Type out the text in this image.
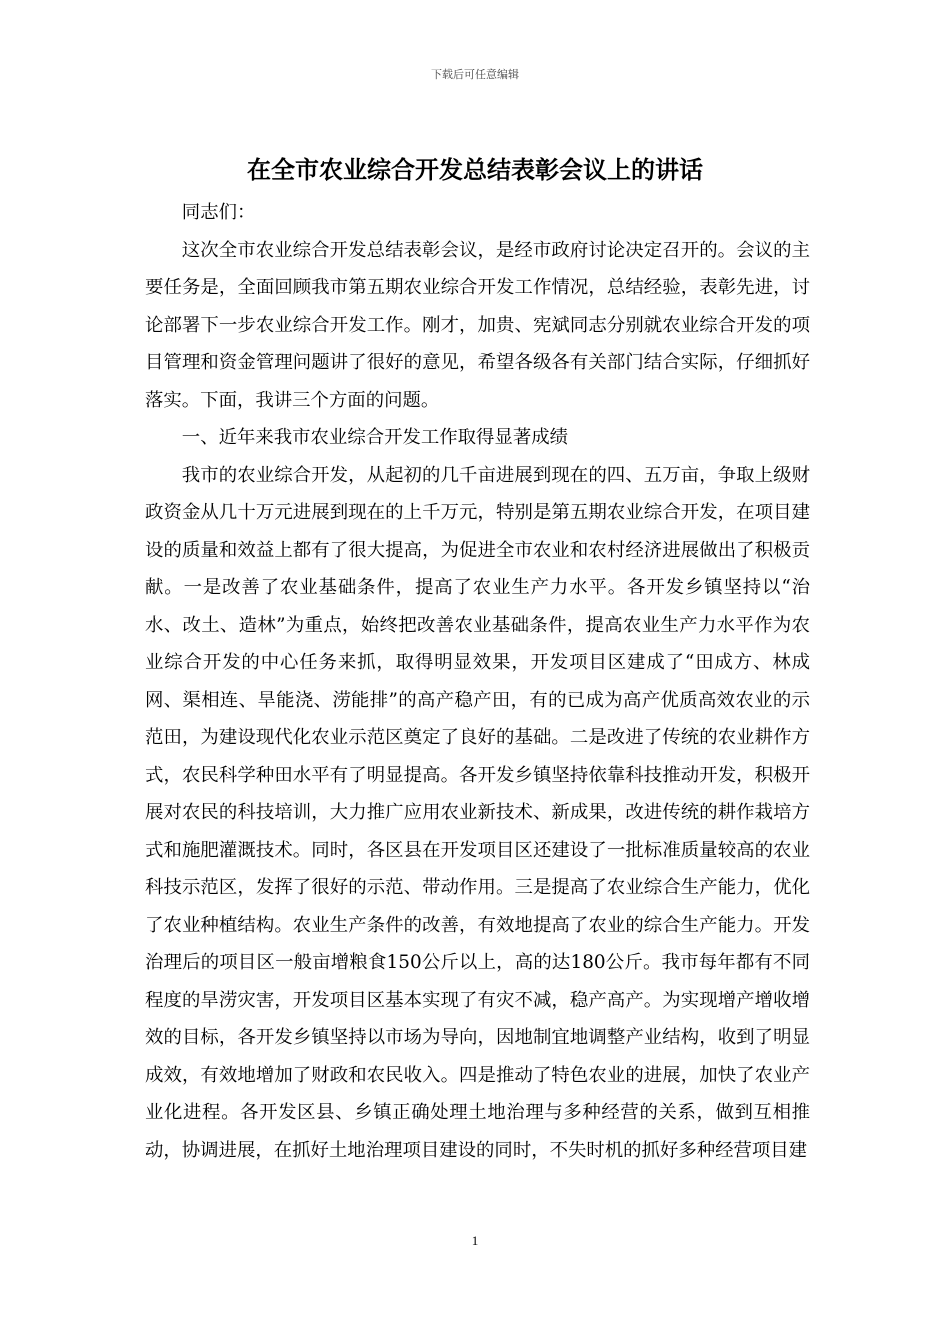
下载后可任意编辑
在全市农业综合开发总结表彰会议上的讲话

同志们：

这次全市农业综合开发总结表彰会议，是经市政府讨论决定召开的。会议的主要任务是，全面回顾我市第五期农业综合开发工作情况，总结经验，表彰先进，讨论部署下一步农业综合开发工作。刚才，加贵、宪斌同志分别就农业综合开发的项目管理和资金管理问题讲了很好的意见，希望各级各有关部门结合实际，仔细抓好落实。下面，我讲三个方面的问题。

一、近年来我市农业综合开发工作取得显著成绩

我市的农业综合开发，从起初的几千亩进展到现在的四、五万亩，争取上级财政资金从几十万元进展到现在的上千万元，特别是第五期农业综合开发，在项目建设的质量和效益上都有了很大提高，为促进全市农业和农村经济进展做出了积极贡献。一是改善了农业基础条件，提高了农业生产力水平。各开发乡镇坚持以“治水、改土、造林”为重点，始终把改善农业基础条件，提高农业生产力水平作为农业综合开发的中心任务来抓，取得明显效果，开发项目区建成了“田成方、林成网、渠相连、旱能浇、涝能排”的高产稳产田，有的已成为高产优质高效农业的示范田，为建设现代化农业示范区奠定了良好的基础。二是改进了传统的农业耕作方式，农民科学种田水平有了明显提高。各开发乡镇坚持依靠科技推动开发，积极开展对农民的科技培训，大力推广应用农业新技术、新成果，改进传统的耕作栽培方式和施肥灌溉技术。同时，各区县在开发项目区还建设了一批标准质量较高的农业科技示范区，发挥了很好的示范、带动作用。三是提高了农业综合生产能力，优化了农业种植结构。农业生产条件的改善，有效地提高了农业的综合生产能力。开发治理后的项目区一般亩增粮食150公斤以上，高的达180公斤。我市每年都有不同程度的旱涝灾害，开发项目区基本实现了有灾不减，稳产高产。为实现增产增收增效的目标，各开发乡镇坚持以市场为导向，因地制宜地调整产业结构，收到了明显成效，有效地增加了财政和农民收入。四是推动了特色农业的进展，加快了农业产业化进程。各开发区县、乡镇正确处理土地治理与多种经营的关系，做到互相推动，协调进展，在抓好土地治理项目建设的同时，不失时机的抓好多种经营项目建

1
